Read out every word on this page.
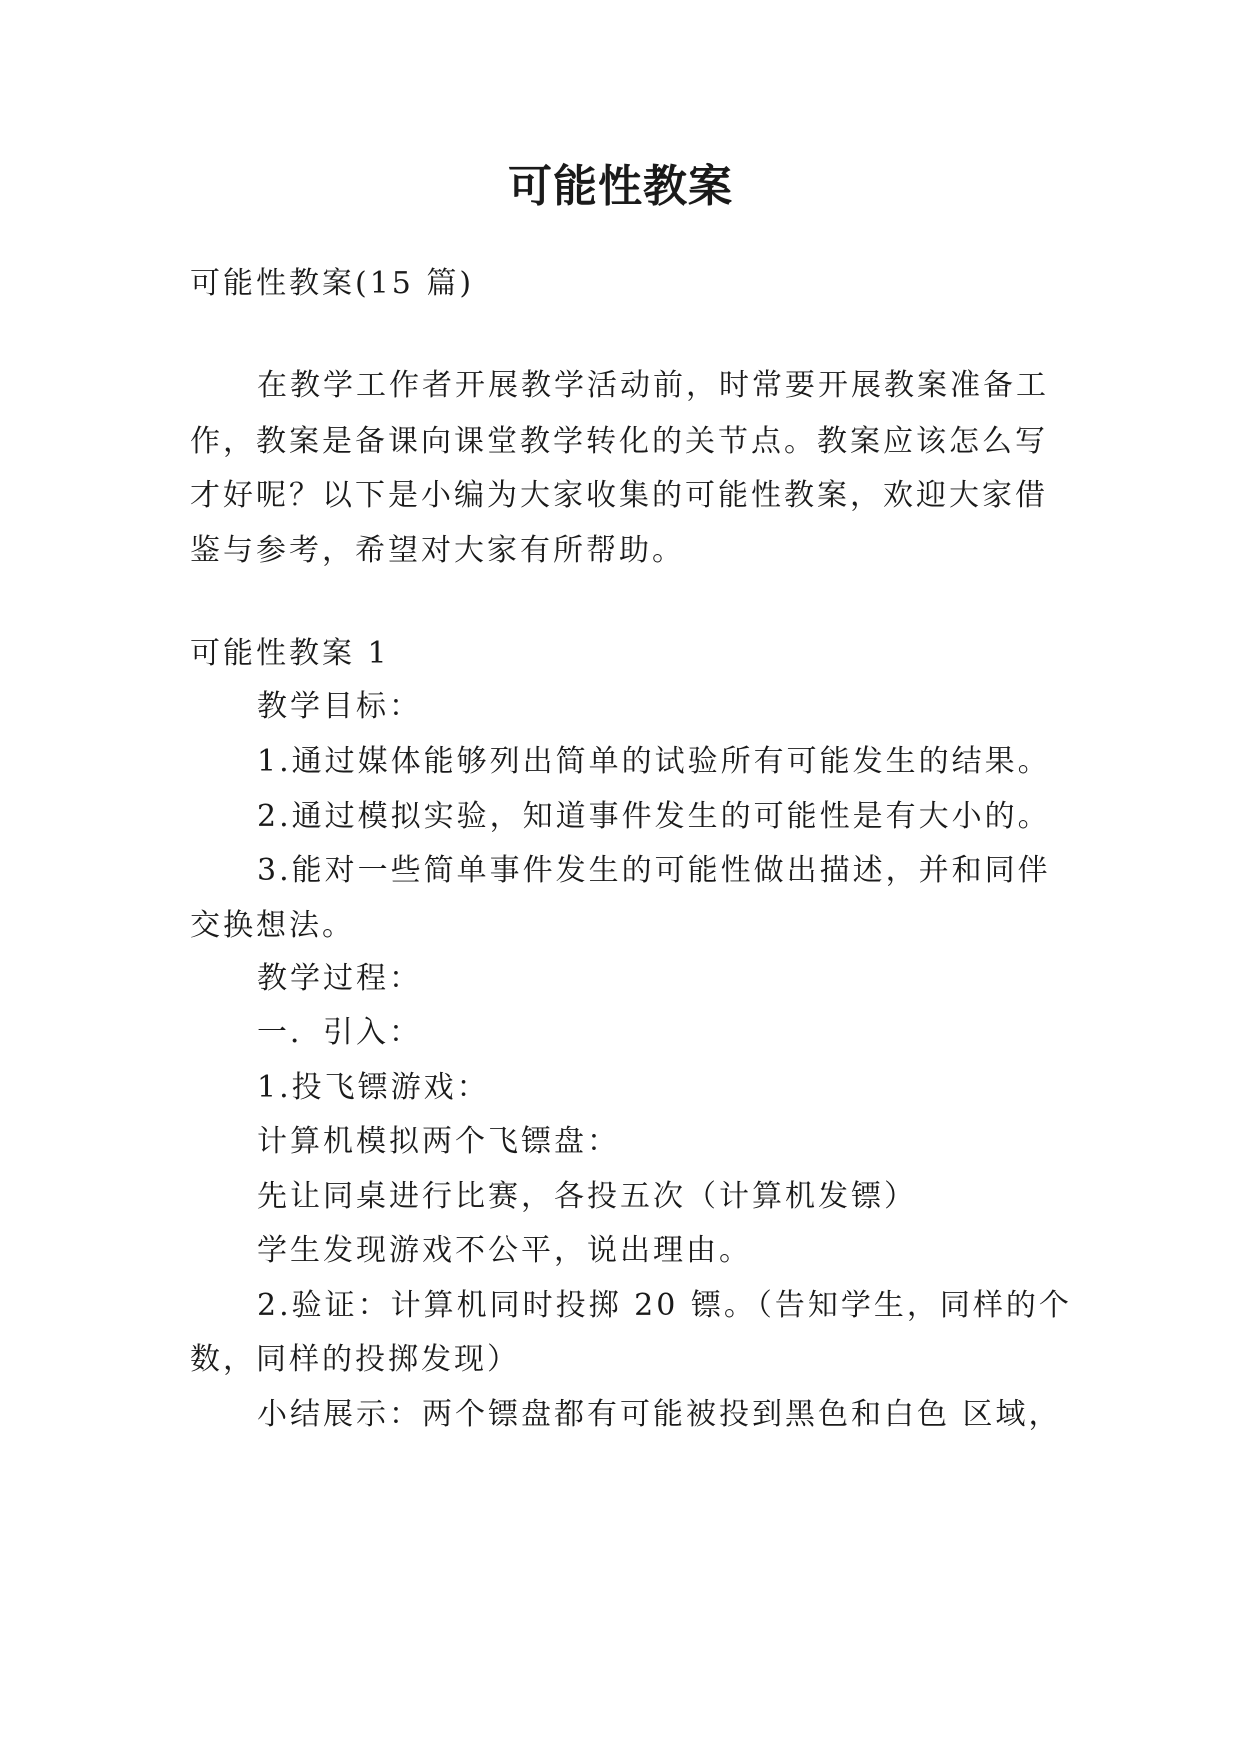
可能性教案

可能性教案(15 篇)

在教学工作者开展教学活动前，时常要开展教案准备工

作，教案是备课向课堂教学转化的关节点。教案应该怎么写

才好呢？以下是小编为大家收集的可能性教案，欢迎大家借

鉴与参考，希望对大家有所帮助。

可能性教案 1

教学目标：

1.通过媒体能够列出简单的试验所有可能发生的结果。

2.通过模拟实验，知道事件发生的可能性是有大小的。

3.能对一些简单事件发生的可能性做出描述，并和同伴

交换想法。

教学过程：

一．引入：

1.投飞镖游戏：

计算机模拟两个飞镖盘：

先让同桌进行比赛，各投五次（计算机发镖）

学生发现游戏不公平，说出理由。

2.验证：计算机同时投掷 20 镖。（告知学生，同样的个

数，同样的投掷发现）

小结展示：两个镖盘都有可能被投到黑色和白色 区域，
